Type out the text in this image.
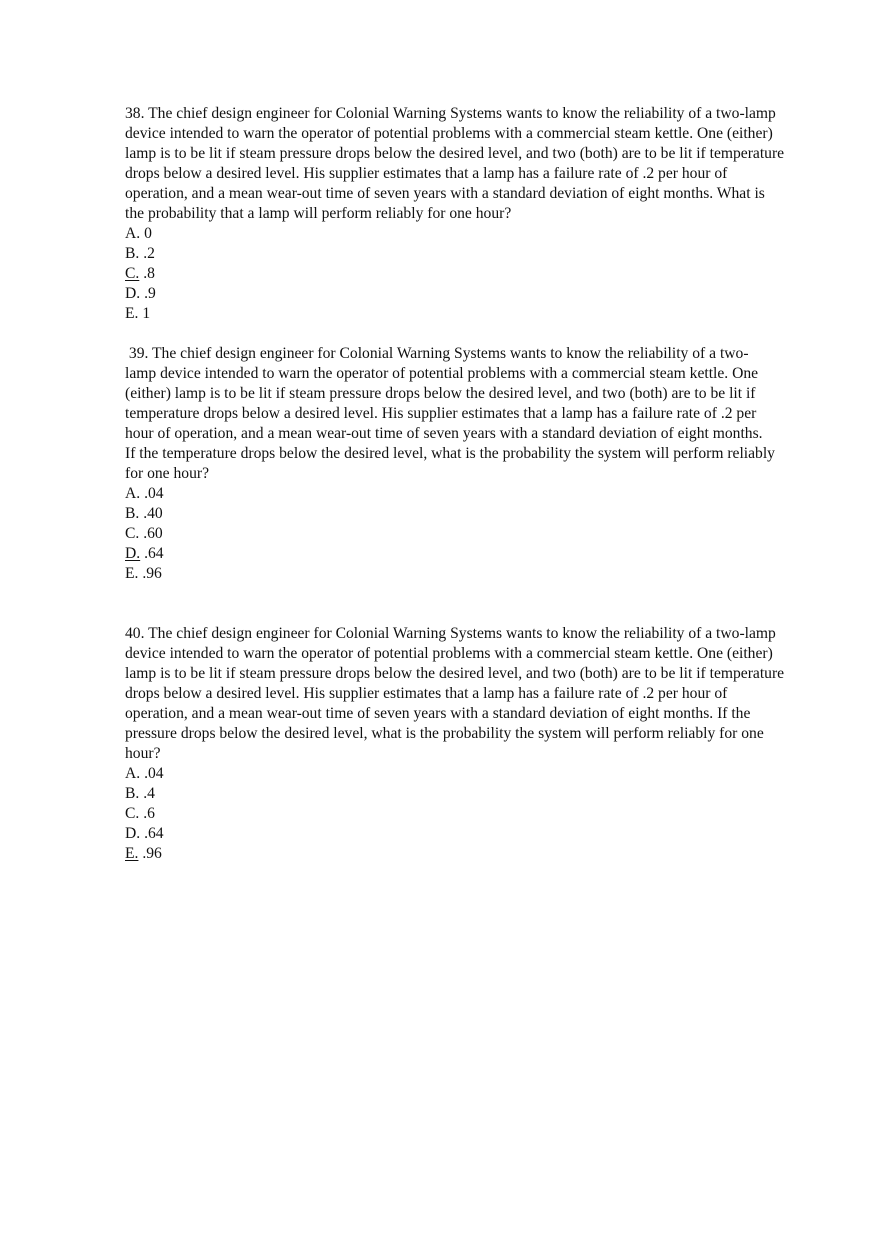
38. The chief design engineer for Colonial Warning Systems wants to know the reliability of a two-lamp device intended to warn the operator of potential problems with a commercial steam kettle. One (either) lamp is to be lit if steam pressure drops below the desired level, and two (both) are to be lit if temperature drops below a desired level. His supplier estimates that a lamp has a failure rate of .2 per hour of operation, and a mean wear-out time of seven years with a standard deviation of eight months. What is the probability that a lamp will perform reliably for one hour?

A. 0
B. .2
C. .8
D. .9
E. 1

39. The chief design engineer for Colonial Warning Systems wants to know the reliability of a two-lamp device intended to warn the operator of potential problems with a commercial steam kettle. One (either) lamp is to be lit if steam pressure drops below the desired level, and two (both) are to be lit if temperature drops below a desired level. His supplier estimates that a lamp has a failure rate of .2 per hour of operation, and a mean wear-out time of seven years with a standard deviation of eight months. If the temperature drops below the desired level, what is the probability the system will perform reliably for one hour?

A. .04
B. .40
C. .60
D. .64
E. .96

40. The chief design engineer for Colonial Warning Systems wants to know the reliability of a two-lamp device intended to warn the operator of potential problems with a commercial steam kettle. One (either) lamp is to be lit if steam pressure drops below the desired level, and two (both) are to be lit if temperature drops below a desired level. His supplier estimates that a lamp has a failure rate of .2 per hour of operation, and a mean wear-out time of seven years with a standard deviation of eight months. If the pressure drops below the desired level, what is the probability the system will perform reliably for one hour?

A. .04
B. .4
C. .6
D. .64
E. .96
